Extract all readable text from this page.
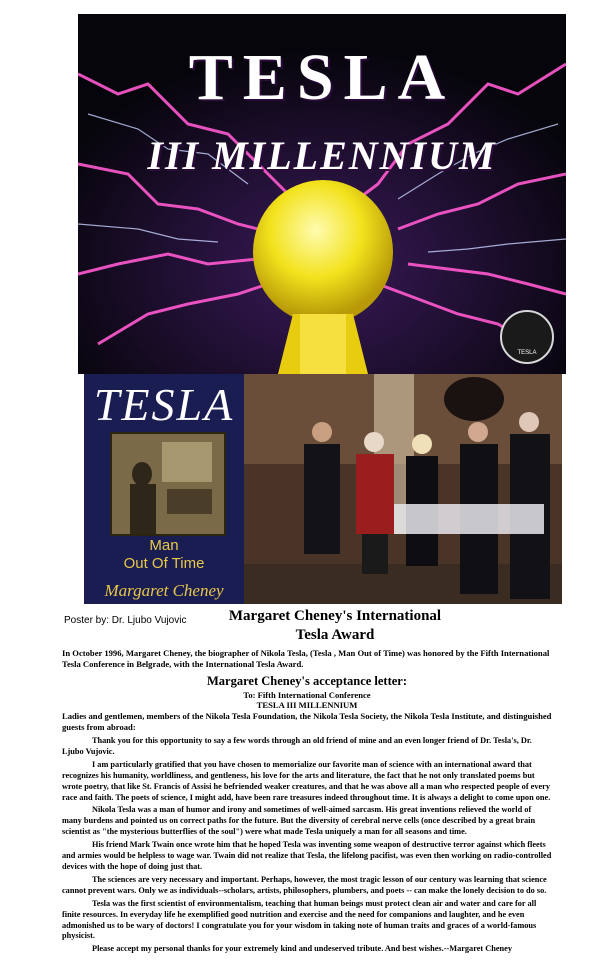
TESLA
III MILLENNIUM
TESLA
TESLA
Man
Out Of Time
Margaret Cheney
Poster by: Dr. Ljubo Vujovic	Margaret Cheney's International
Tesla Award
In October 1996, Margaret Cheney, the biographer of Nikola Tesla, (Tesla , Man Out of Time) was honored by the Fifth International Tesla Conference in Belgrade, with the International Tesla Award.
Margaret Cheney's acceptance letter:
To: Fifth International Conference
TESLA III MILLENNIUM
Ladies and gentlemen, members of the Nikola Tesla Foundation, the Nikola Tesla Society, the Nikola Tesla Institute, and distinguished guests from abroad:

Thank you for this opportunity to say a few words through an old friend of mine and an even longer friend of Dr. Tesla's, Dr. Ljubo Vujovic.

I am particularly gratified that you have chosen to memorialize our favorite man of science with an international award that recognizes his humanity, worldliness, and gentleness, his love for the arts and literature, the fact that he not only translated poems but wrote poetry, that like St. Francis of Assisi he befriended weaker creatures, and that he was above all a man who respected people of every race and faith. The poets of science, I might add, have been rare treasures indeed throughout time. It is always a delight to come upon one.

Nikola Tesla was a man of humor and irony and sometimes of well-aimed sarcasm. His great inventions relieved the world of many burdens and pointed us on correct paths for the future. But the diversity of cerebral nerve cells (once described by a great brain scientist as "the mysterious butterflies of the soul") were what made Tesla uniquely a man for all seasons and time.

His friend Mark Twain once wrote him that he hoped Tesla was inventing some weapon of destructive terror against which fleets and armies would be helpless to wage war. Twain did not realize that Tesla, the lifelong pacifist, was even then working on radio-controlled devices with the hope of doing just that.

The sciences are very necessary and important. Perhaps, however, the most tragic lesson of our century was learning that science cannot prevent wars. Only we as individuals--scholars, artists, philosophers, plumbers, and poets -- can make the lonely decision to do so.

Tesla was the first scientist of environmentalism, teaching that human beings must protect clean air and water and care for all finite resources. In everyday life he exemplified good nutrition and exercise and the need for companions and laughter, and he even admonished us to be wary of doctors! I congratulate you for your wisdom in taking note of human traits and graces of a world-famous physicist.

Please accept my personal thanks for your extremely kind and undeserved tribute. And best wishes.--Margaret Cheney
